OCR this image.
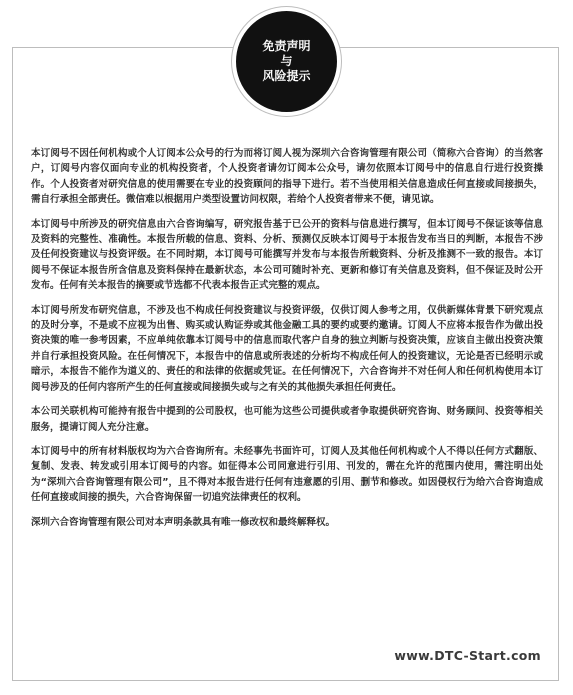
免责声明
与
风险提示

本订阅号不因任何机构或个人订阅本公众号的行为而将订阅人视为深圳六合咨询管理有限公司（简称六合咨询）的当然客户，订阅号内容仅面向专业的机构投资者，个人投资者请勿订阅本公众号，请勿依照本订阅号中的信息自行进行投资操作。个人投资者对研究信息的使用需要在专业的投资顾问的指导下进行。若不当使用相关信息造成任何直接或间接损失，需自行承担全部责任。微信难以根据用户类型设置访问权限，若给个人投资者带来不便，请见谅。

本订阅号中所涉及的研究信息由六合咨询编写，研究报告基于已公开的资料与信息进行撰写，但本订阅号不保证该等信息及资料的完整性、准确性。本报告所载的信息、资料、分析、预测仅反映本订阅号于本报告发布当日的判断，本报告不涉及任何投资建议与投资评级。在不同时期，本订阅号可能撰写并发布与本报告所载资料、分析及推测不一致的报告。本订阅号不保证本报告所含信息及资料保持在最新状态，本公司可随时补充、更新和修订有关信息及资料，但不保证及时公开发布。任何有关本报告的摘要或节选都不代表本报告正式完整的观点。

本订阅号所发布研究信息，不涉及也不构成任何投资建议与投资评级，仅供订阅人参考之用，仅供新媒体背景下研究观点的及时分享，不是或不应视为出售、购买或认购证券或其他金融工具的要约或要约邀请。订阅人不应将本报告作为做出投资决策的唯一参考因素，不应单纯依靠本订阅号中的信息而取代客户自身的独立判断与投资决策，应该自主做出投资决策并自行承担投资风险。在任何情况下，本报告中的信息或所表述的分析均不构成任何人的投资建议，无论是否已经明示或暗示，本报告不能作为道义的、责任的和法律的依据或凭证。在任何情况下，六合咨询并不对任何人和任何机构使用本订阅号涉及的任何内容所产生的任何直接或间接损失或与之有关的其他损失承担任何责任。

本公司关联机构可能持有报告中提到的公司股权，也可能为这些公司提供或者争取提供研究咨询、财务顾问、投资等相关服务，提请订阅人充分注意。

本订阅号中的所有材料版权均为六合咨询所有。未经事先书面许可，订阅人及其他任何机构或个人不得以任何方式翻版、复制、发表、转发或引用本订阅号的内容。如征得本公司同意进行引用、刊发的，需在允许的范围内使用，需注明出处为“深圳六合咨询管理有限公司”，且不得对本报告进行任何有违意愿的引用、删节和修改。如因侵权行为给六合咨询造成任何直接或间接的损失，六合咨询保留一切追究法律责任的权利。

深圳六合咨询管理有限公司对本声明条款具有唯一修改权和最终解释权。

www.DTC-Start.com
